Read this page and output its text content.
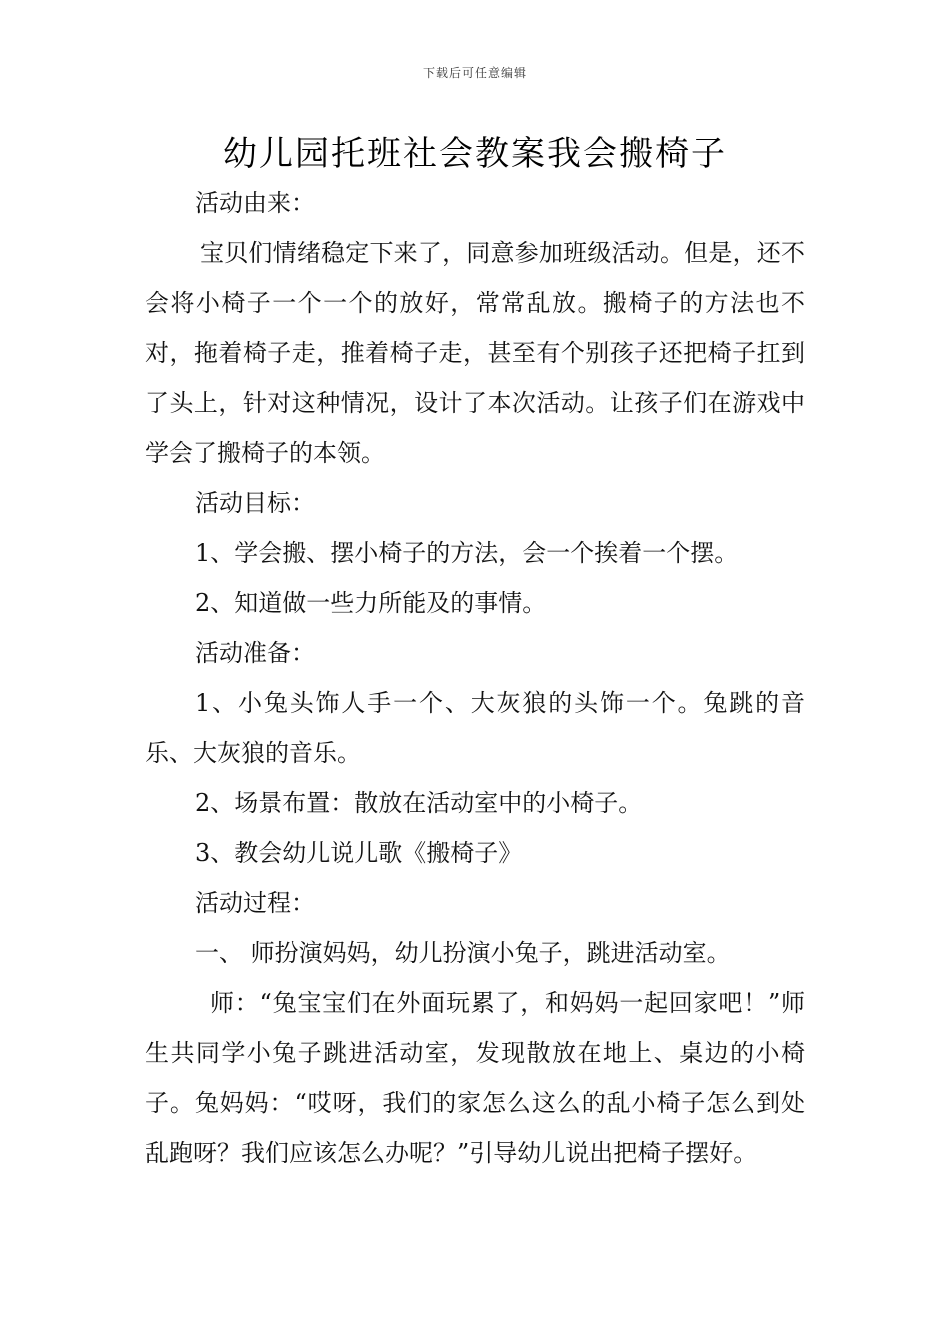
下载后可任意编辑
幼儿园托班社会教案我会搬椅子

活动由来：

宝贝们情绪稳定下来了，同意参加班级活动。但是，还不会将小椅子一个一个的放好，常常乱放。搬椅子的方法也不对，拖着椅子走，推着椅子走，甚至有个别孩子还把椅子扛到了头上，针对这种情况，设计了本次活动。让孩子们在游戏中学会了搬椅子的本领。

活动目标：

1、学会搬、摆小椅子的方法，会一个挨着一个摆。

2、知道做一些力所能及的事情。

活动准备：

1、小兔头饰人手一个、大灰狼的头饰一个。兔跳的音乐、大灰狼的音乐。

2、场景布置：散放在活动室中的小椅子。

3、教会幼儿说儿歌《搬椅子》

活动过程：

一、 师扮演妈妈，幼儿扮演小兔子，跳进活动室。

师：“兔宝宝们在外面玩累了，和妈妈一起回家吧！”师生共同学小兔子跳进活动室，发现散放在地上、桌边的小椅子。兔妈妈：“哎呀，我们的家怎么这么的乱小椅子怎么到处乱跑呀？我们应该怎么办呢？”引导幼儿说出把椅子摆好。
